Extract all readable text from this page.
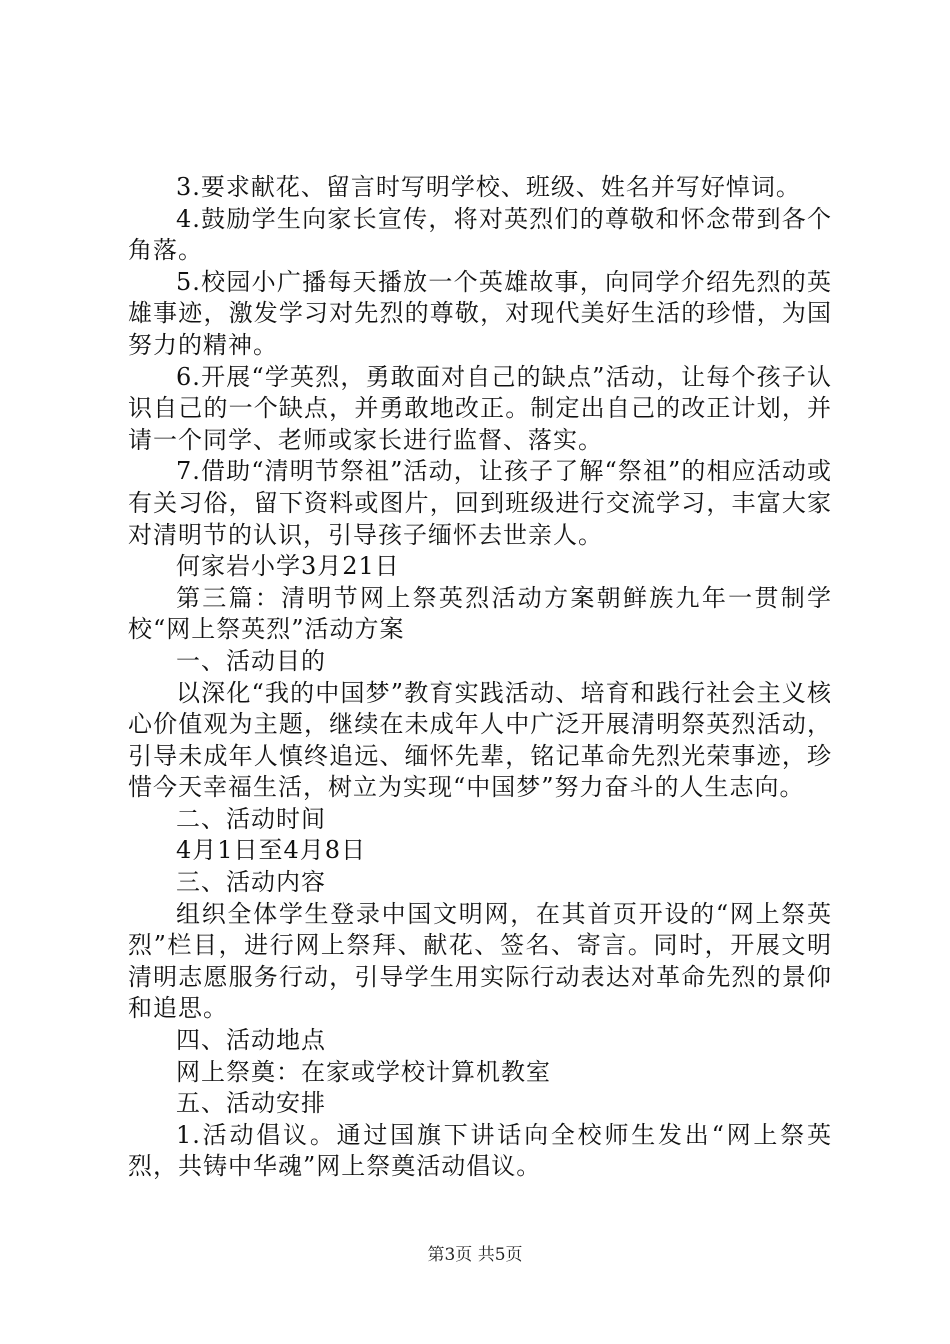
3.要求献花、留言时写明学校、班级、姓名并写好悼词。

4.鼓励学生向家长宣传，将对英烈们的尊敬和怀念带到各个角落。

5.校园小广播每天播放一个英雄故事，向同学介绍先烈的英雄事迹，激发学习对先烈的尊敬，对现代美好生活的珍惜，为国努力的精神。

6.开展“学英烈，勇敢面对自己的缺点”活动，让每个孩子认识自己的一个缺点，并勇敢地改正。制定出自己的改正计划，并请一个同学、老师或家长进行监督、落实。

7.借助“清明节祭祖”活动，让孩子了解“祭祖”的相应活动或有关习俗，留下资料或图片，回到班级进行交流学习，丰富大家对清明节的认识，引导孩子缅怀去世亲人。

何家岩小学3月21日

第三篇：清明节网上祭英烈活动方案朝鲜族九年一贯制学校“网上祭英烈”活动方案

一、活动目的

以深化“我的中国梦”教育实践活动、培育和践行社会主义核心价值观为主题，继续在未成年人中广泛开展清明祭英烈活动，引导未成年人慎终追远、缅怀先辈，铭记革命先烈光荣事迹，珍惜今天幸福生活，树立为实现“中国梦”努力奋斗的人生志向。

二、活动时间

4月1日至4月8日

三、活动内容

组织全体学生登录中国文明网，在其首页开设的“网上祭英烈”栏目，进行网上祭拜、献花、签名、寄言。同时，开展文明清明志愿服务行动，引导学生用实际行动表达对革命先烈的景仰和追思。

四、活动地点

网上祭奠：在家或学校计算机教室

五、活动安排

1.活动倡议。通过国旗下讲话向全校师生发出“网上祭英烈，共铸中华魂”网上祭奠活动倡议。

第3页 共5页
